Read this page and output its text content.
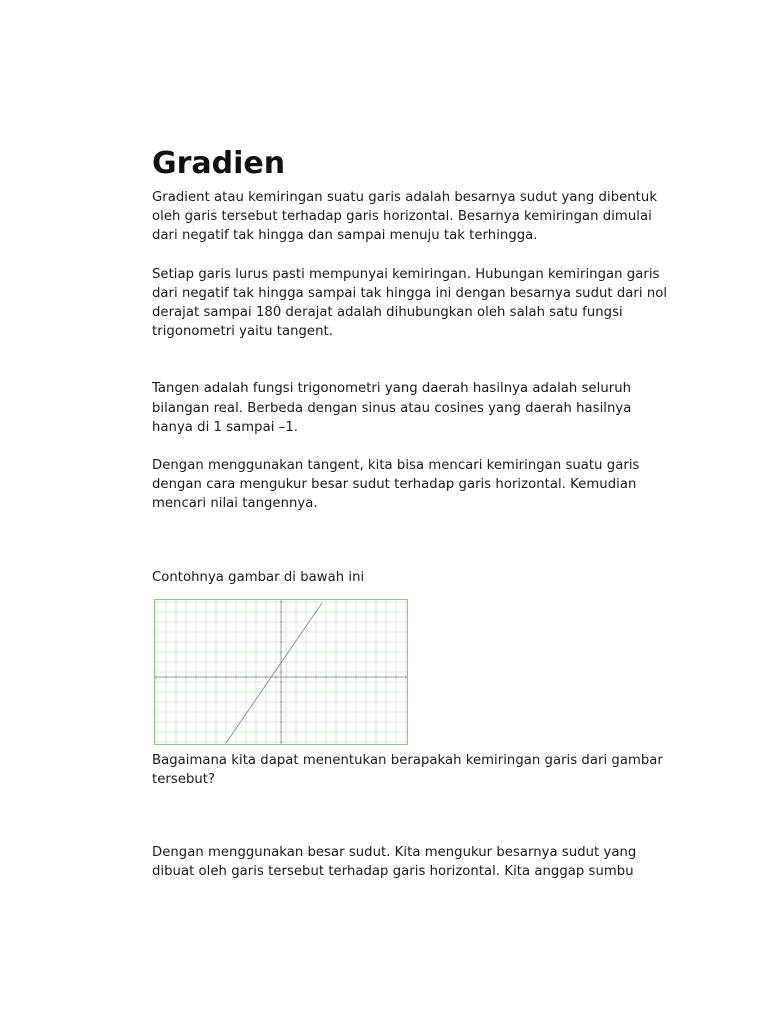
Gradien

Gradient atau kemiringan suatu garis adalah besarnya sudut yang dibentuk oleh garis tersebut terhadap garis horizontal. Besarnya kemiringan dimulai dari negatif tak hingga dan sampai menuju tak terhingga.

Setiap garis lurus pasti mempunyai kemiringan. Hubungan kemiringan garis dari negatif tak hingga sampai tak hingga ini dengan besarnya sudut dari nol derajat sampai 180 derajat adalah dihubungkan oleh salah satu fungsi trigonometri yaitu tangent.

Tangen adalah fungsi trigonometri yang daerah hasilnya adalah seluruh bilangan real. Berbeda dengan sinus atau cosines yang daerah hasilnya hanya di 1 sampai –1.

Dengan menggunakan tangent, kita bisa mencari kemiringan suatu garis dengan cara mengukur besar sudut terhadap garis horizontal. Kemudian mencari nilai tangennya.

Contohnya gambar di bawah ini

Bagaimana kita dapat menentukan berapakah kemiringan garis dari gambar tersebut?

Dengan menggunakan besar sudut. Kita mengukur besarnya sudut yang dibuat oleh garis tersebut terhadap garis horizontal. Kita anggap sumbu
